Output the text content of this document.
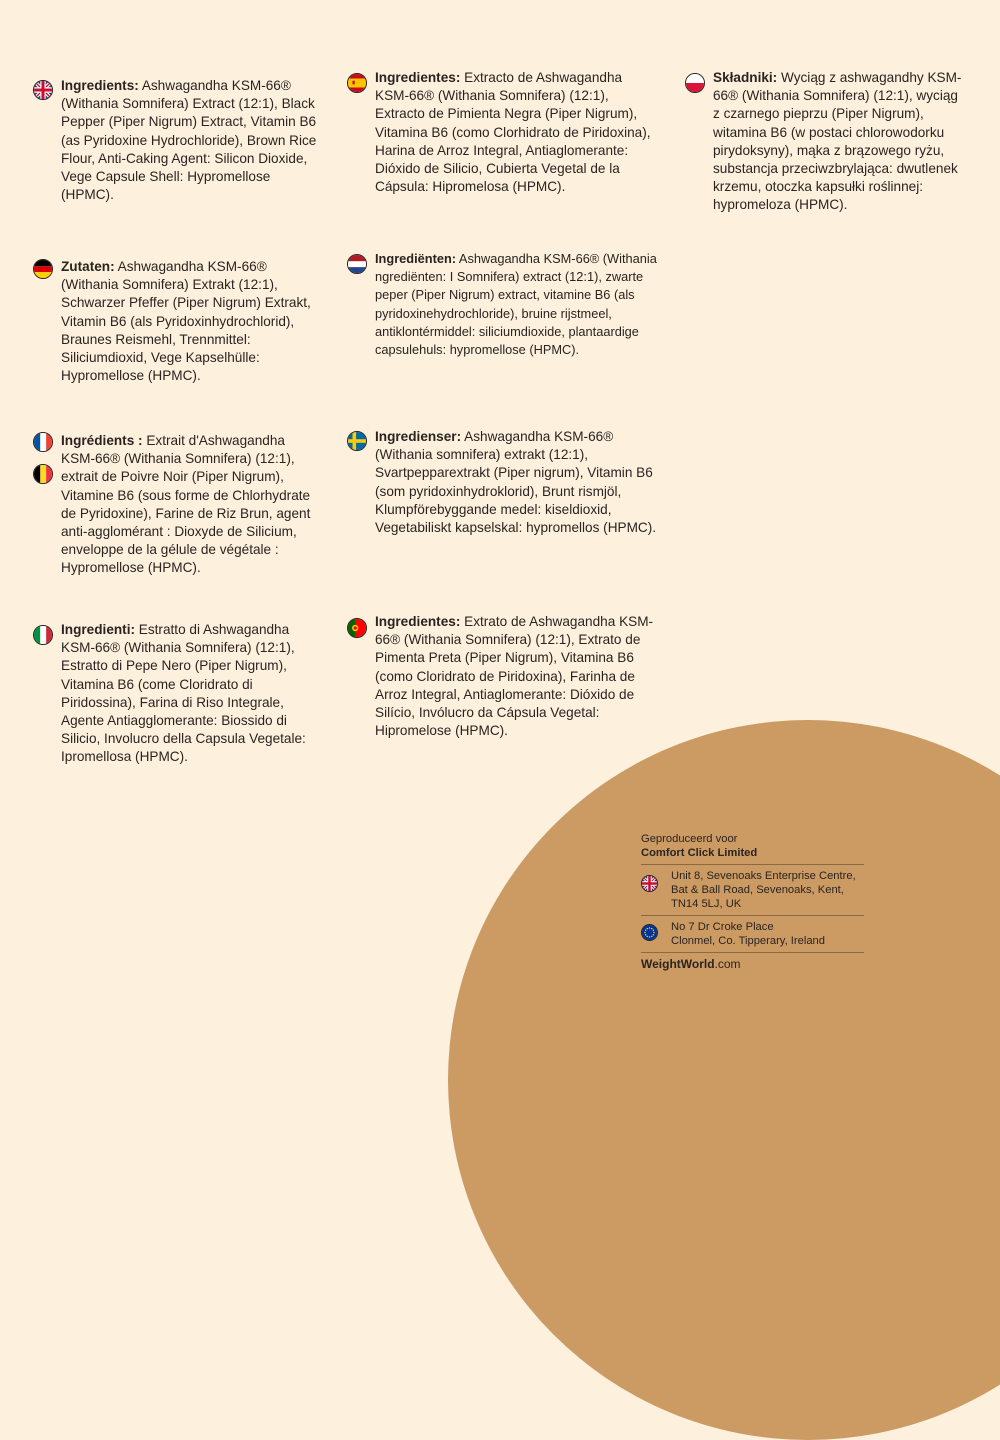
Ingredients: Ashwagandha KSM-66® (Withania Somnifera) Extract (12:1), Black Pepper (Piper Nigrum) Extract, Vitamin B6 (as Pyridoxine Hydrochloride), Brown Rice Flour, Anti-Caking Agent: Silicon Dioxide, Vege Capsule Shell: Hypromellose (HPMC).
Zutaten: Ashwagandha KSM-66® (Withania Somnifera) Extrakt (12:1), Schwarzer Pfeffer (Piper Nigrum) Extrakt, Vitamin B6 (als Pyridoxinhydrochlorid), Braunes Reismehl, Trennmittel: Siliciumdioxid, Vege Kapselhülle: Hypromellose (HPMC).
Ingrédients : Extrait d'Ashwagandha KSM-66® (Withania Somnifera) (12:1), extrait de Poivre Noir (Piper Nigrum), Vitamine B6 (sous forme de Chlorhydrate de Pyridoxine), Farine de Riz Brun, agent anti-agglomérant : Dioxyde de Silicium, enveloppe de la gélule de végétale : Hypromellose (HPMC).
Ingredienti: Estratto di Ashwagandha KSM-66® (Withania Somnifera) (12:1), Estratto di Pepe Nero (Piper Nigrum), Vitamina B6 (come Cloridrato di Piridossina), Farina di Riso Integrale, Agente Antiagglomerante: Biossido di Silicio, Involucro della Capsula Vegetale: Ipromellosa (HPMC).
Ingredientes: Extracto de Ashwagandha KSM-66® (Withania Somnifera) (12:1), Extracto de Pimienta Negra (Piper Nigrum), Vitamina B6 (como Clorhidrato de Piridoxina), Harina de Arroz Integral, Antiaglomerante: Dióxido de Silicio, Cubierta Vegetal de la Cápsula: Hipromelosa (HPMC).
Ingrediënten: Ashwagandha KSM-66® (Withania ngrediënten: I Somnifera) extract (12:1), zwarte peper (Piper Nigrum) extract, vitamine B6 (als pyridoxinehydrochloride), bruine rijstmeel, antiklontérmiddel: siliciumdioxide, plantaardige capsulehuls: hypromellose (HPMC).
Ingredienser: Ashwagandha KSM-66® (Withania somnifera) extrakt (12:1), Svartpepparextrakt (Piper nigrum), Vitamin B6 (som pyridoxinhydroklorid), Brunt rismjöl, Klumpförebyggande medel: kiseldioxid, Vegetabiliskt kapselskal: hypromellos (HPMC).
Ingredientes: Extrato de Ashwagandha KSM-66® (Withania Somnifera) (12:1), Extrato de Pimenta Preta (Piper Nigrum), Vitamina B6 (como Cloridrato de Piridoxina), Farinha de Arroz Integral, Antiaglomerante: Dióxido de Silício, Invólucro da Cápsula Vegetal: Hipromelose (HPMC).
Składniki: Wyciąg z ashwagandhy KSM-66® (Withania Somnifera) (12:1), wyciąg z czarnego pieprzu (Piper Nigrum), witamina B6 (w postaci chlorowodorku pirydoksyny), mąka z brązowego ryżu, substancja przeciwzbrylająca: dwutlenek krzemu, otoczka kapsułki roślinnej: hypromeloza (HPMC).
Geproduceerd voor
Comfort Click Limited
Unit 8, Sevenoaks Enterprise Centre, Bat & Ball Road, Sevenoaks, Kent, TN14 5LJ, UK
No 7 Dr Croke Place
Clonmel, Co. Tipperary, Ireland
WeightWorld.com
